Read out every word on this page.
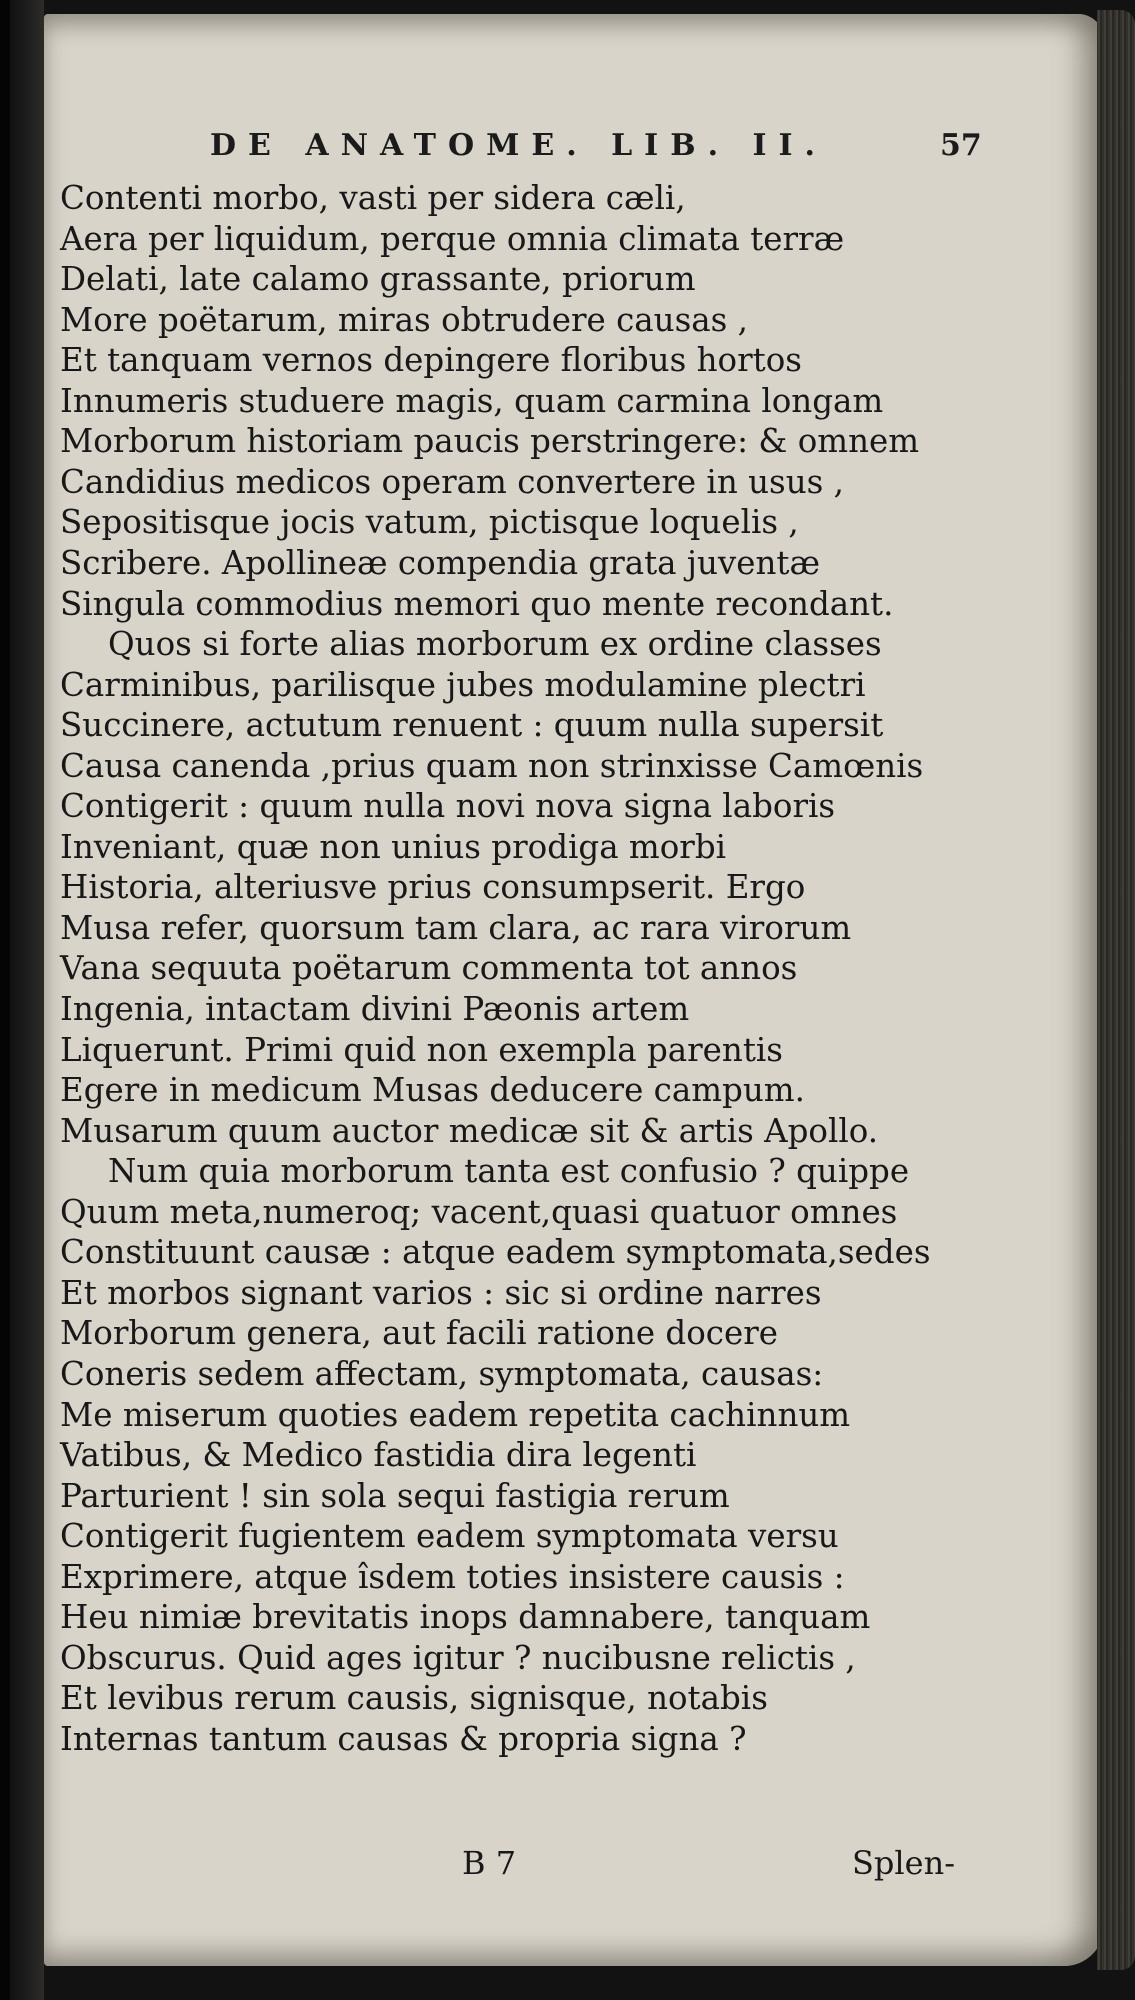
DE ANATOME. LIB. II.	57
Contenti morbo, vasti per sidera cæli,
Aera per liquidum, perque omnia climata terræ
Delati, late calamo grassante, priorum
More poëtarum, miras obtrudere causas ,
Et tanquam vernos depingere floribus hortos
Innumeris studuere magis, quam carmina longam
Morborum historiam paucis perstringere: & omnem
Candidius medicos operam convertere in usus ,
Sepositisque jocis vatum, pictisque loquelis ,
Scribere. Apollineæ compendia grata juventæ
Singula commodius memori quo mente recondant.
Quos si forte alias morborum ex ordine classes
Carminibus, parilisque jubes modulamine plectri
Succinere, actutum renuent : quum nulla supersit
Causa canenda ,prius quam non strinxisse Camœnis
Contigerit : quum nulla novi nova signa laboris
Inveniant, quæ non unius prodiga morbi
Historia, alteriusve prius consumpserit. Ergo
Musa refer, quorsum tam clara, ac rara virorum
Vana sequuta poëtarum commenta tot annos
Ingenia, intactam divini Pæonis artem
Liquerunt. Primi quid non exempla parentis
Egere in medicum Musas deducere campum.
Musarum quum auctor medicæ sit & artis Apollo.
Num quia morborum tanta est confusio ? quippe
Quum meta,numeroq; vacent,quasi quatuor omnes
Constituunt causæ : atque eadem symptomata,sedes
Et morbos signant varios : sic si ordine narres
Morborum genera, aut facili ratione docere
Coneris sedem affectam, symptomata, causas:
Me miserum quoties eadem repetita cachinnum
Vatibus, & Medico fastidia dira legenti
Parturient ! sin sola sequi fastigia rerum
Contigerit fugientem eadem symptomata versu
Exprimere, atque îsdem toties insistere causis :
Heu nimiæ brevitatis inops damnabere, tanquam
Obscurus. Quid ages igitur ? nucibusne relictis ,
Et levibus rerum causis, signisque, notabis
Internas tantum causas & propria signa ?
B 7	Splen-
